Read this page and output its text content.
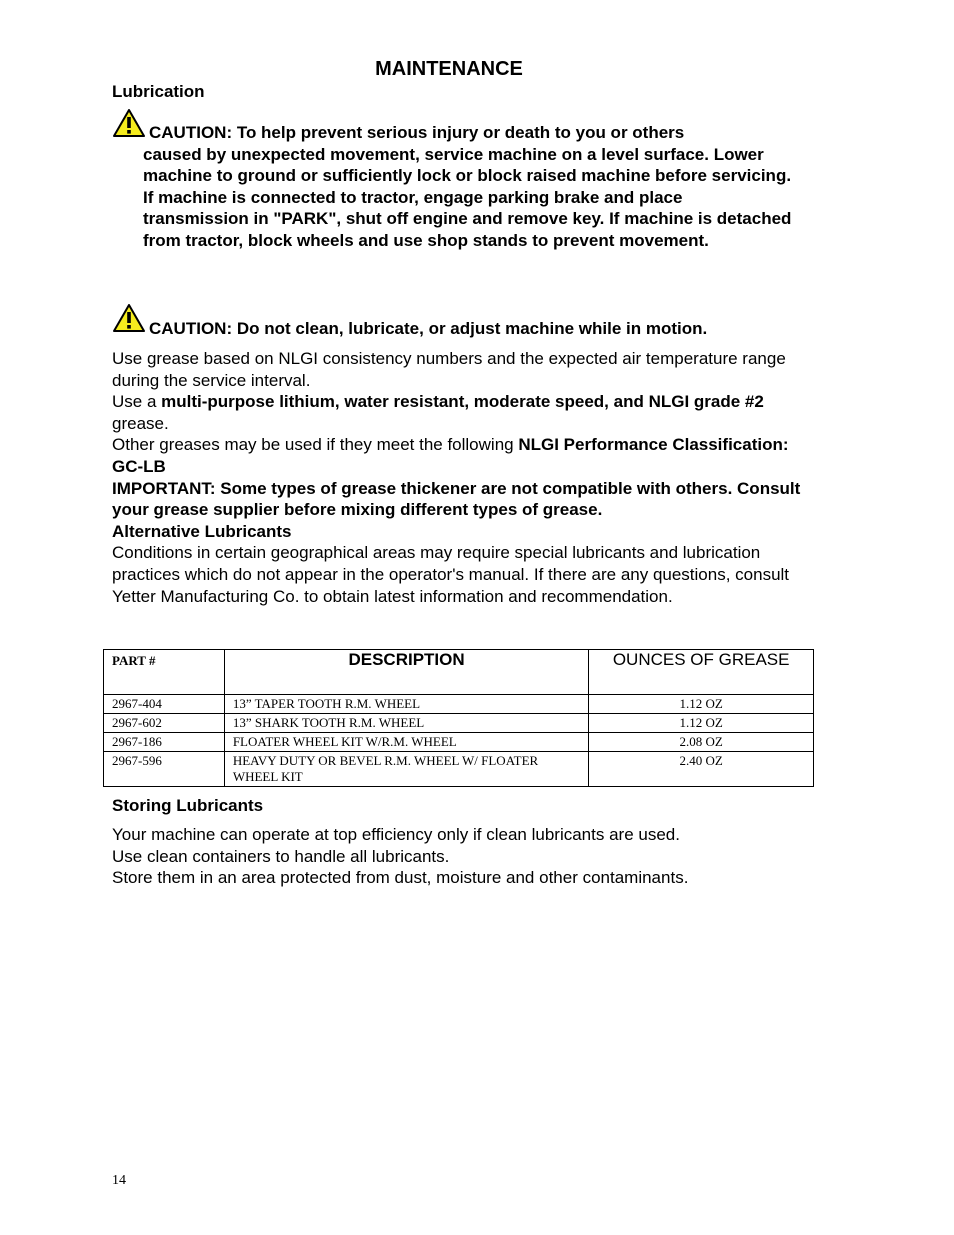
MAINTENANCE
Lubrication
CAUTION: To help prevent serious injury or death to you or others
caused by unexpected movement, service machine on a level surface. Lower machine to ground or sufficiently lock or block raised machine before servicing. If machine is connected to tractor, engage parking brake and place transmission in "PARK", shut off engine and remove key. If machine is detached from tractor, block wheels and use shop stands to prevent movement.
CAUTION: Do not clean, lubricate, or adjust machine while in motion.

Use grease based on NLGI consistency numbers and the expected air temperature range during the service interval.

Use a multi-purpose lithium, water resistant, moderate speed, and NLGI grade #2 grease.

Other greases may be used if they meet the following NLGI Performance Classification: GC-LB

IMPORTANT: Some types of grease thickener are not compatible with others. Consult your grease supplier before mixing different types of grease.

Alternative Lubricants

Conditions in certain geographical areas may require special lubricants and lubrication practices which do not appear in the operator's manual. If there are any questions, consult Yetter Manufacturing Co. to obtain latest information and recommendation.

PART #	DESCRIPTION	OUNCES OF GREASE
2967-404	13” TAPER TOOTH R.M. WHEEL	1.12 OZ
2967-602	13” SHARK TOOTH R.M. WHEEL	1.12 OZ
2967-186	FLOATER WHEEL KIT W/R.M. WHEEL	2.08 OZ
2967-596	HEAVY DUTY OR BEVEL R.M. WHEEL W/ FLOATER WHEEL KIT	2.40 OZ
Storing Lubricants

Your machine can operate at top efficiency only if clean lubricants are used.

Use clean containers to handle all lubricants.

Store them in an area protected from dust, moisture and other contaminants.

14
